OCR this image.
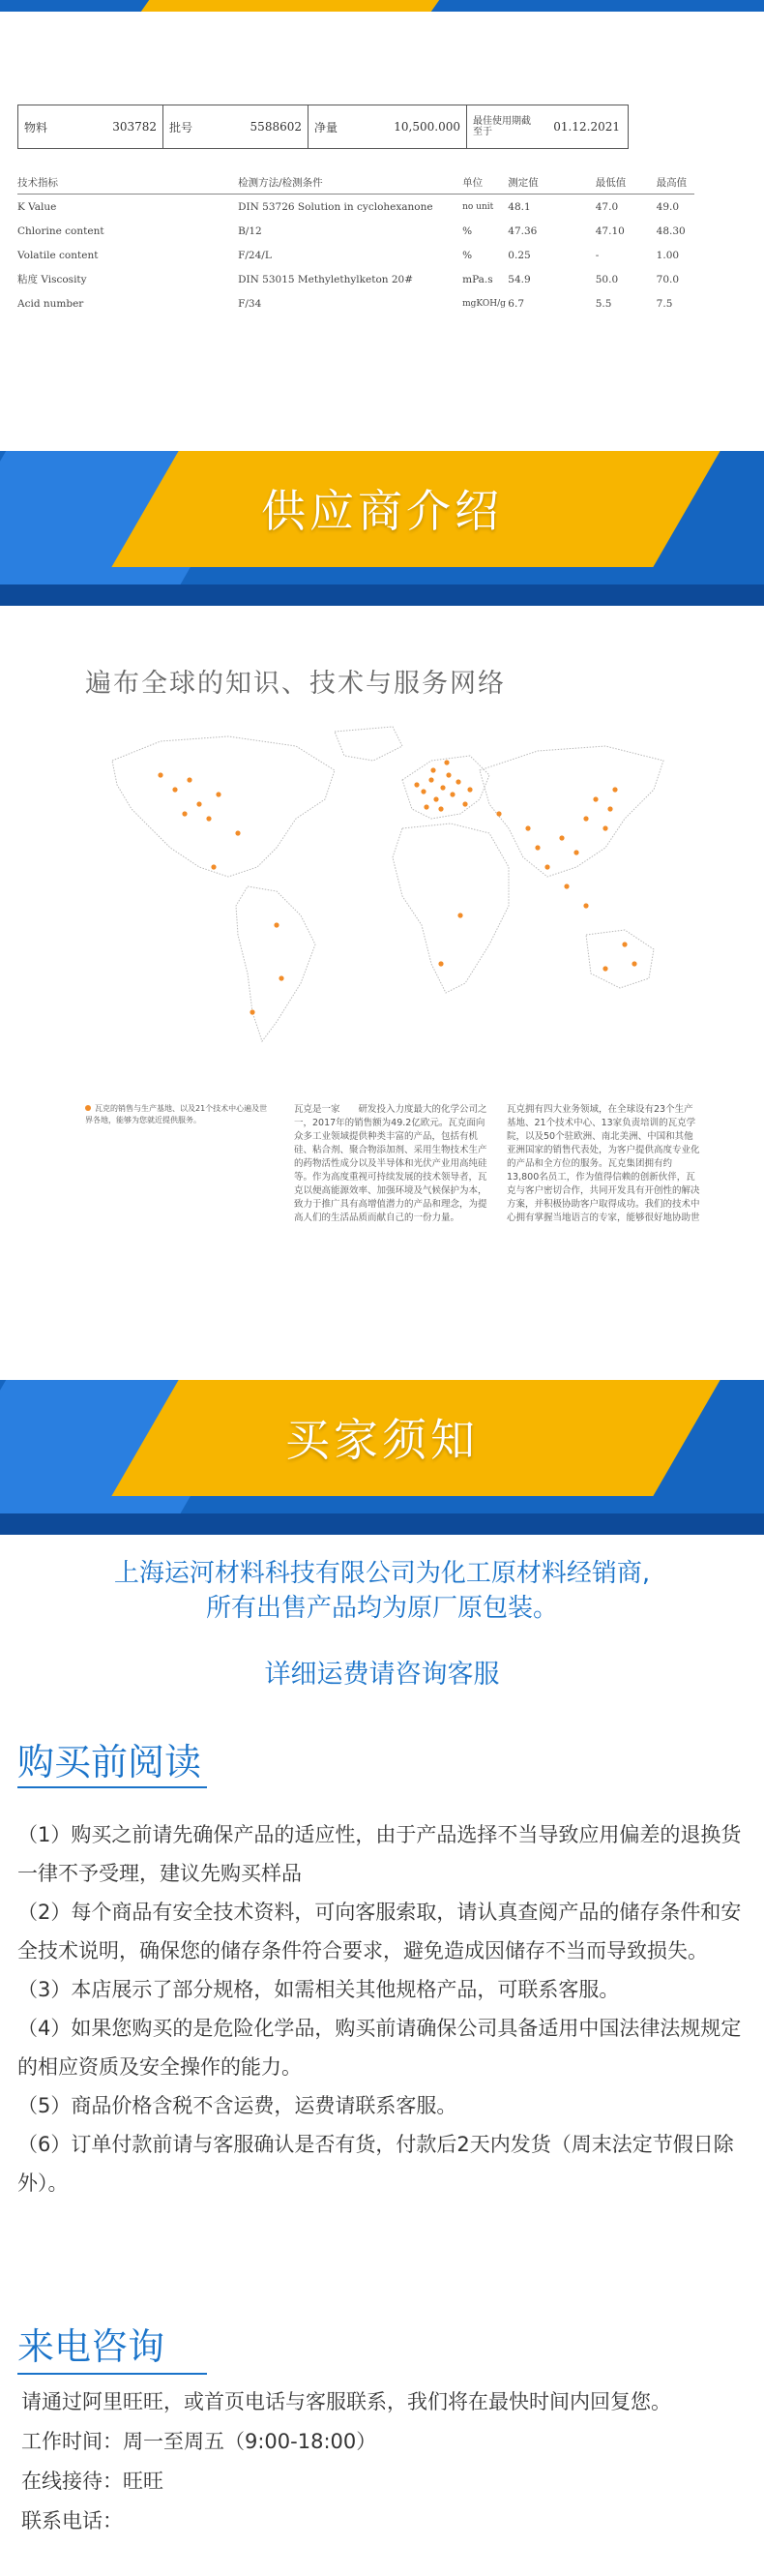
物料	303782 批号	5588602 净量	10,500.000 最佳使用期截至于	01.12.2021
技术指标	检测方法/检测条件	单位	测定值	最低值	最高值
K Value	DIN 53726 Solution in cyclohexanone	no unit	48.1	47.0	49.0
Chlorine content	B/12	%	47.36	47.10	48.30
Volatile content	F/24/L	%	0.25	-	1.00
粘度 Viscosity	DIN 53015 Methylethylketon 20#	mPa.s	54.9	50.0	70.0
Acid number	F/34	mgKOH/g 6.7	5.5	7.5
供应商介绍
遍布全球的知识、技术与服务网络
瓦克的销售与生产基地、以及21个技术中心遍及世界各地，能够为您就近提供服务。
瓦克是一家　　研发投入力度最大的化学公司之一，2017年的销售额为49.2亿欧元。瓦克面向众多工业领域提供种类丰富的产品，包括有机硅、粘合剂、聚合物添加剂、采用生物技术生产的药物活性成分以及半导体和光伏产业用高纯硅等。作为高度重视可持续发展的技术领导者，瓦克以便高能源效率、加强环境及气候保护为本，致力于推广具有高增值潜力的产品和理念，为提高人们的生活品质而献自己的一份力量。
瓦克拥有四大业务领域，在全球设有23个生产基地、21个技术中心、13家负责培训的瓦克学院，以及50个驻欧洲、南北美洲、中国和其他亚洲国家的销售代表处，为客户提供高度专业化的产品和全方位的服务。瓦克集团拥有约13,800名员工，作为值得信赖的创新伙伴，瓦克与客户密切合作，共同开发具有开创性的解决方案，并积极协助客户取得成功。我们的技术中心拥有掌握当地语言的专家，能够很好地协助世
买家须知
上海运河材料科技有限公司为化工原材料经销商,
所有出售产品均为原厂原包装。
详细运费请咨询客服
购买前阅读
（1）购买之前请先确保产品的适应性，由于产品选择不当导致应用偏差的退换货一律不予受理，建议先购买样品
（2）每个商品有安全技术资料，可向客服索取，请认真查阅产品的储存条件和安全技术说明，确保您的储存条件符合要求，避免造成因储存不当而导致损失。
（3）本店展示了部分规格，如需相关其他规格产品，可联系客服。
（4）如果您购买的是危险化学品，购买前请确保公司具备适用中国法律法规规定的相应资质及安全操作的能力。
（5）商品价格含税不含运费，运费请联系客服。
（6）订单付款前请与客服确认是否有货，付款后2天内发货（周末法定节假日除外）。
来电咨询
请通过阿里旺旺，或首页电话与客服联系，我们将在最快时间内回复您。
工作时间：周一至周五（9:00-18:00）
在线接待：旺旺
联系电话：
